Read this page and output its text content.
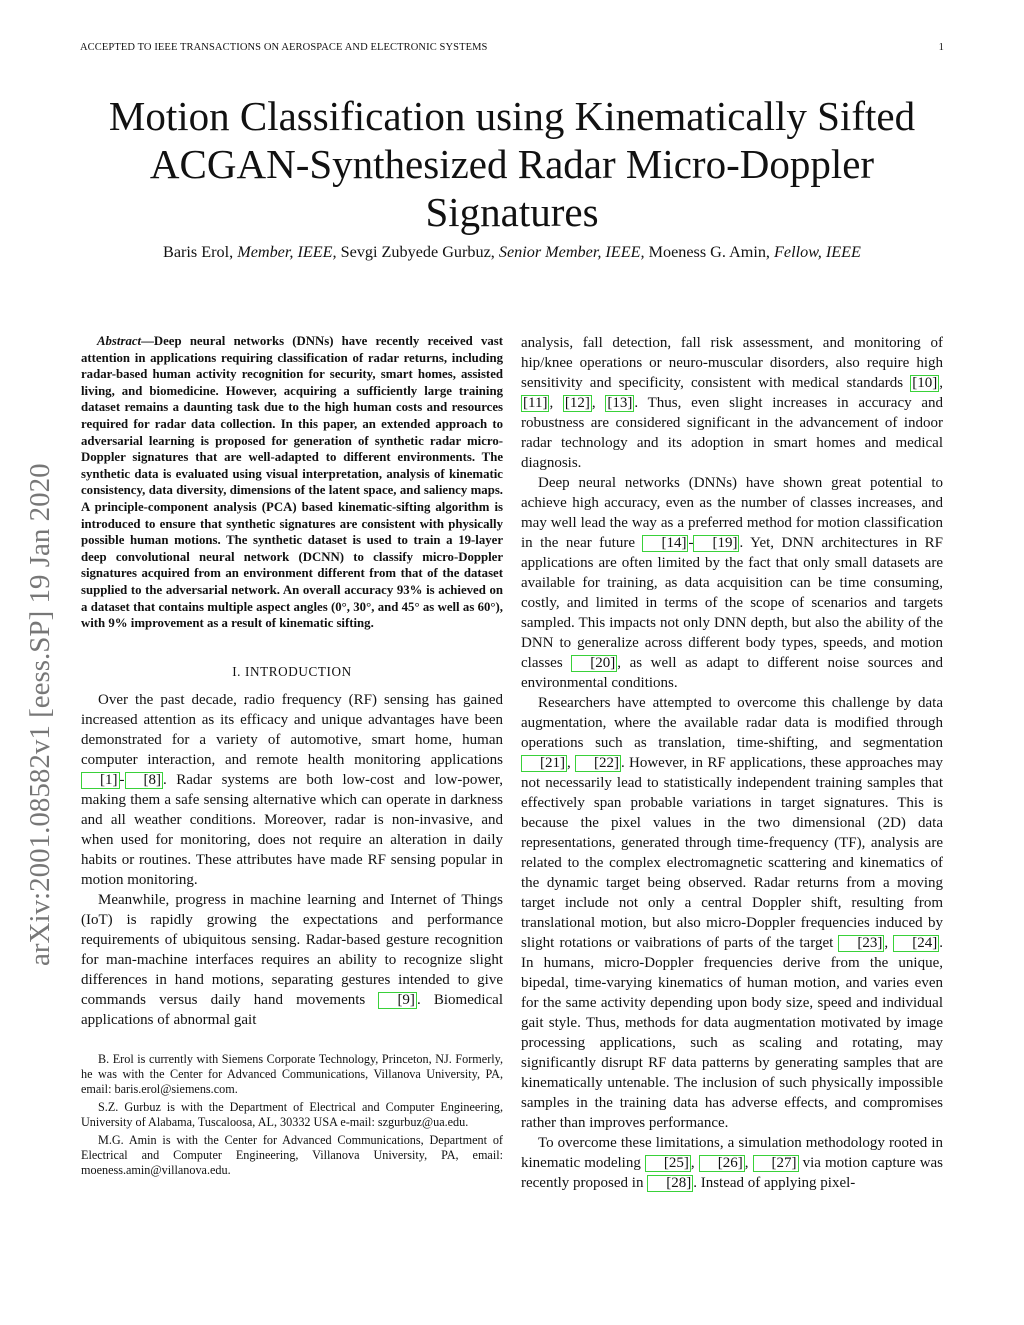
ACCEPTED TO IEEE TRANSACTIONS ON AEROSPACE AND ELECTRONIC SYSTEMS	1
Motion Classification using Kinematically Sifted
ACGAN-Synthesized Radar Micro-Doppler
Signatures
Baris Erol, Member, IEEE, Sevgi Zubyede Gurbuz, Senior Member, IEEE, Moeness G. Amin, Fellow, IEEE
arXiv:2001.08582v1 [eess.SP] 19 Jan 2020

Abstract—Deep neural networks (DNNs) have recently received vast attention in applications requiring classification of radar returns, including radar-based human activity recognition for security, smart homes, assisted living, and biomedicine. However, acquiring a sufficiently large training dataset remains a daunting task due to the high human costs and resources required for radar data collection. In this paper, an extended approach to adversarial learning is proposed for generation of synthetic radar micro-Doppler signatures that are well-adapted to different environments. The synthetic data is evaluated using visual interpretation, analysis of kinematic consistency, data diversity, dimensions of the latent space, and saliency maps. A principle-component analysis (PCA) based kinematic-sifting algorithm is introduced to ensure that synthetic signatures are consistent with physically possible human motions. The synthetic dataset is used to train a 19-layer deep convolutional neural network (DCNN) to classify micro-Doppler signatures acquired from an environment different from that of the dataset supplied to the adversarial network. An overall accuracy 93% is achieved on a dataset that contains multiple aspect angles (0°, 30°, and 45° as well as 60°), with 9% improvement as a result of kinematic sifting.

I. INTRODUCTION

Over the past decade, radio frequency (RF) sensing has gained increased attention as its efficacy and unique advantages have been demonstrated for a variety of automotive, smart home, human computer interaction, and remote health monitoring applications [1] - [8] . Radar systems are both low-cost and low-power, making them a safe sensing alternative which can operate in darkness and all weather conditions. Moreover, radar is non-invasive, and when used for monitoring, does not require an alteration in daily habits or routines. These attributes have made RF sensing popular in motion monitoring.

Meanwhile, progress in machine learning and Internet of Things (IoT) is rapidly growing the expectations and performance requirements of ubiquitous sensing. Radar-based gesture recognition for man-machine interfaces requires an ability to recognize slight differences in hand motions, separating gestures intended to give commands versus daily hand movements [9] . Biomedical applications of abnormal gait

B. Erol is currently with Siemens Corporate Technology, Princeton, NJ. Formerly, he was with the Center for Advanced Communications, Villanova University, PA, email: baris.erol@siemens.com.

S.Z. Gurbuz is with the Department of Electrical and Computer Engineering, University of Alabama, Tuscaloosa, AL, 30332 USA e-mail: szgurbuz@ua.edu.

M.G. Amin is with the Center for Advanced Communications, Department of Electrical and Computer Engineering, Villanova University, PA, email: moeness.amin@villanova.edu.

analysis, fall detection, fall risk assessment, and monitoring of hip/knee operations or neuro-muscular disorders, also require high sensitivity and specificity, consistent with medical standards [10] , [11] , [12] , [13] . Thus, even slight increases in accuracy and robustness are considered significant in the advancement of indoor radar technology and its adoption in smart homes and medical diagnosis.

Deep neural networks (DNNs) have shown great potential to achieve high accuracy, even as the number of classes increases, and may well lead the way as a preferred method for motion classification in the near future [14] - [19] . Yet, DNN architectures in RF applications are often limited by the fact that only small datasets are available for training, as data acquisition can be time consuming, costly, and limited in terms of the scope of scenarios and targets sampled. This impacts not only DNN depth, but also the ability of the DNN to generalize across different body types, speeds, and motion classes [20] , as well as adapt to different noise sources and environmental conditions.

Researchers have attempted to overcome this challenge by data augmentation, where the available radar data is modified through operations such as translation, time-shifting, and segmentation [21] , [22] . However, in RF applications, these approaches may not necessarily lead to statistically independent training samples that effectively span probable variations in target signatures. This is because the pixel values in the two dimensional (2D) data representations, generated through time-frequency (TF), analysis are related to the complex electromagnetic scattering and kinematics of the dynamic target being observed. Radar returns from a moving target include not only a central Doppler shift, resulting from translational motion, but also micro-Doppler frequencies induced by slight rotations or vaibrations of parts of the target [23] , [24] . In humans, micro-Doppler frequencies derive from the unique, bipedal, time-varying kinematics of human motion, and varies even for the same activity depending upon body size, speed and individual gait style. Thus, methods for data augmentation motivated by image processing applications, such as scaling and rotating, may significantly disrupt RF data patterns by generating samples that are kinematically untenable. The inclusion of such physically impossible samples in the training data has adverse effects, and compromises rather than improves performance.

To overcome these limitations, a simulation methodology rooted in kinematic modeling [25] , [26] , [27] via motion capture was recently proposed in [28] . Instead of applying pixel-
